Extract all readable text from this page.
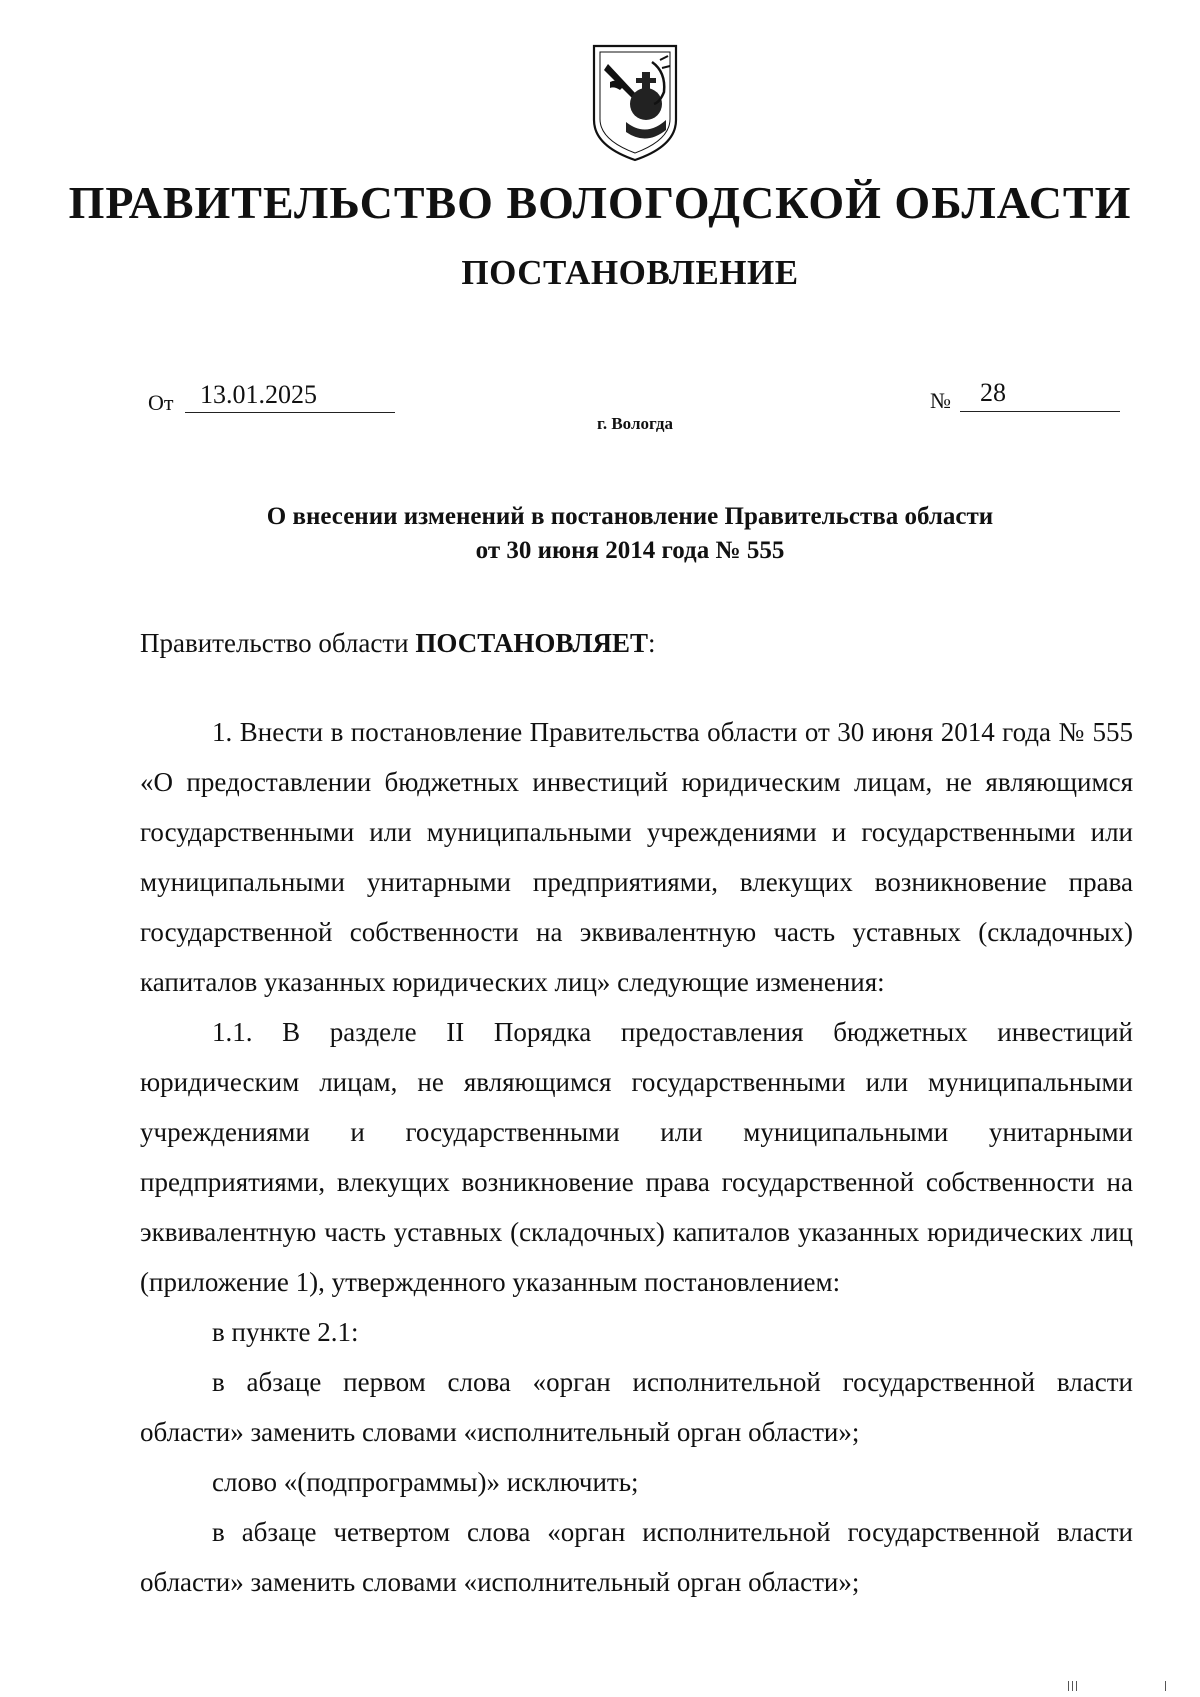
ПРАВИТЕЛЬСТВО ВОЛОГОДСКОЙ ОБЛАСТИ
ПОСТАНОВЛЕНИЕ
От 13.01.2025	№ 28
г. Вологда
О внесении изменений в постановление Правительства области
от 30 июня 2014 года № 555
Правительство области ПОСТАНОВЛЯЕТ:

1. Внести в постановление Правительства области от 30 июня 2014 года № 555 «О предоставлении бюджетных инвестиций юридическим лицам, не являющимся государственными или муниципальными учреждениями и государственными или муниципальными унитарными предприятиями, влекущих возникновение права государственной собственности на эквивалентную часть уставных (складочных) капиталов указанных юридических лиц» следующие изменения:

1.1. В разделе II Порядка предоставления бюджетных инвестиций юридическим лицам, не являющимся государственными или муниципальными учреждениями и государственными или муниципальными унитарными предприятиями, влекущих возникновение права государственной собственности на эквивалентную часть уставных (складочных) капиталов указанных юридических лиц (приложение 1), утвержденного указанным постановлением:

в пункте 2.1:

в абзаце первом слова «орган исполнительной государственной власти области» заменить словами «исполнительный орган области»;

слово «(подпрограммы)» исключить;

в абзаце четвертом слова «орган исполнительной государственной власти области» заменить словами «исполнительный орган области»;
